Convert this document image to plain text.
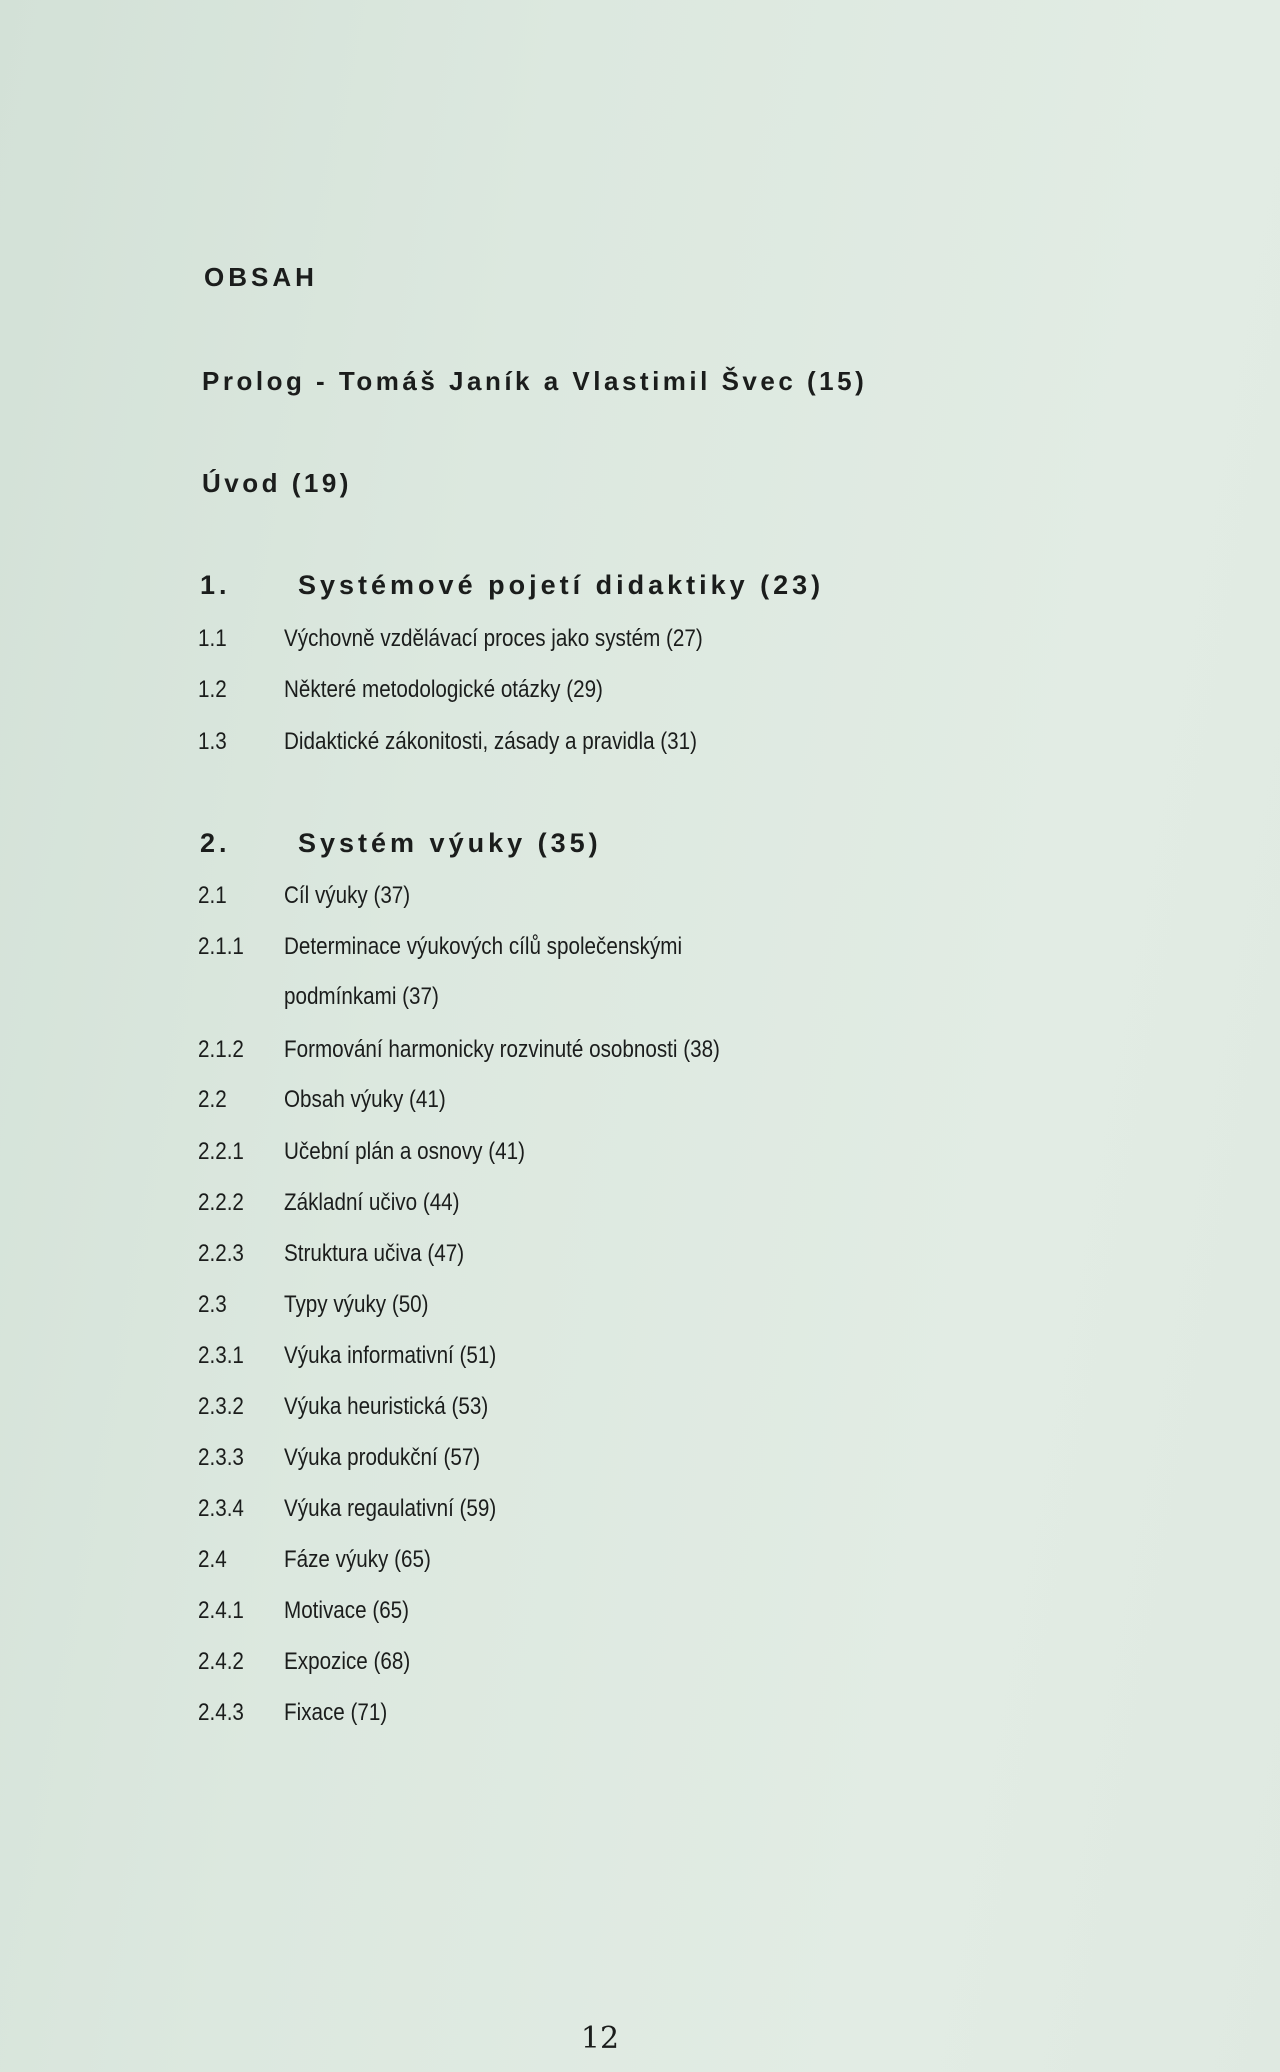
OBSAH
Prolog - Tomáš Janík a Vlastimil Švec (15)
Úvod (19)
1. Systémové pojetí didaktiky (23)
1.1 Výchovně vzdělávací proces jako systém (27)
1.2 Některé metodologické otázky (29)
1.3 Didaktické zákonitosti, zásady a pravidla (31)
2. Systém výuky (35)
2.1 Cíl výuky (37)
2.1.1 Determinace výukových cílů společenskými
podmínkami (37)
2.1.2 Formování harmonicky rozvinuté osobnosti (38)
2.2 Obsah výuky (41)
2.2.1 Učební plán a osnovy (41)
2.2.2 Základní učivo (44)
2.2.3 Struktura učiva (47)
2.3 Typy výuky (50)
2.3.1 Výuka informativní (51)
2.3.2 Výuka heuristická (53)
2.3.3 Výuka produkční (57)
2.3.4 Výuka regaulativní (59)
2.4 Fáze výuky (65)
2.4.1 Motivace (65)
2.4.2 Expozice (68)
2.4.3 Fixace (71)
12
